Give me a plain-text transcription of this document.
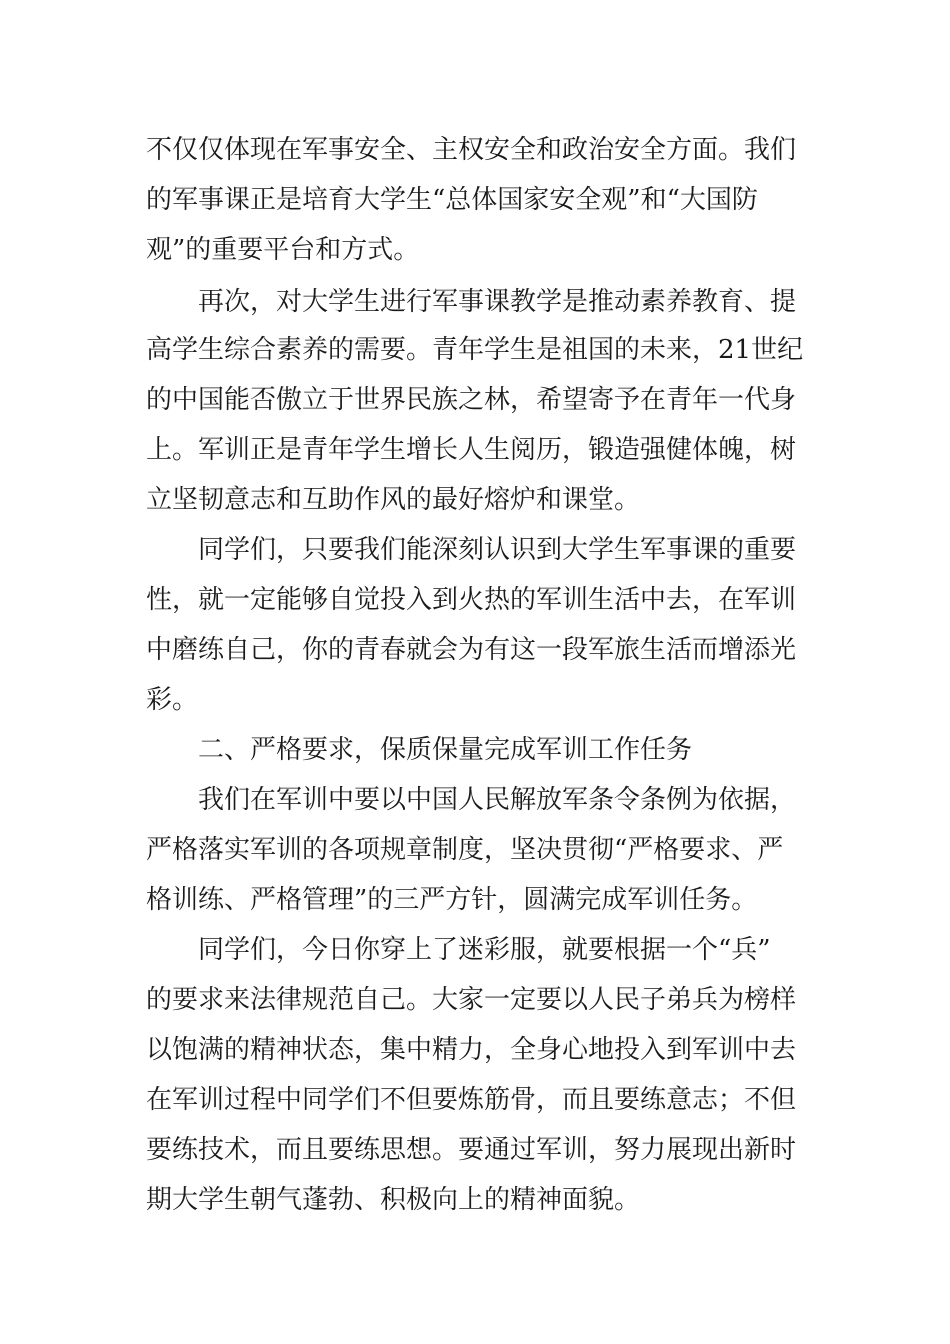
不仅仅体现在军事安全、主权安全和政治安全方面。我们

的军事课正是培育大学生“总体国家安全观”和“大国防

观”的重要平台和方式。

再次，对大学生进行军事课教学是推动素养教育、提

高学生综合素养的需要。青年学生是祖国的未来，21世纪

的中国能否傲立于世界民族之林，希望寄予在青年一代身

上。军训正是青年学生增长人生阅历，锻造强健体魄，树

立坚韧意志和互助作风的最好熔炉和课堂。

同学们，只要我们能深刻认识到大学生军事课的重要

性，就一定能够自觉投入到火热的军训生活中去，在军训

中磨练自己，你的青春就会为有这一段军旅生活而增添光

彩。

二、严格要求，保质保量完成军训工作任务

我们在军训中要以中国人民解放军条令条例为依据，

严格落实军训的各项规章制度，坚决贯彻“严格要求、严

格训练、严格管理”的三严方针，圆满完成军训任务。

同学们，今日你穿上了迷彩服，就要根据一个“兵”

的要求来法律规范自己。大家一定要以人民子弟兵为榜样

以饱满的精神状态，集中精力，全身心地投入到军训中去

在军训过程中同学们不但要炼筋骨，而且要练意志；不但

要练技术，而且要练思想。要通过军训，努力展现出新时

期大学生朝气蓬勃、积极向上的精神面貌。
